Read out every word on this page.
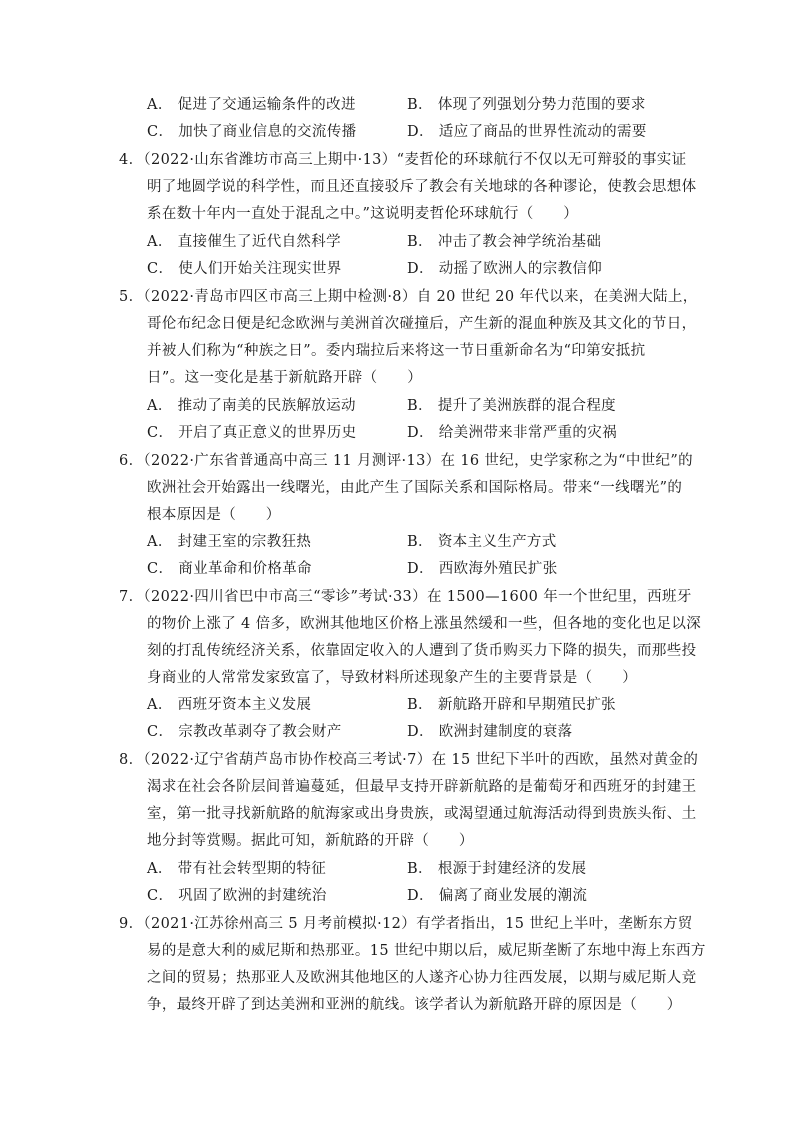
A． 促进了交通运输条件的改进	B． 体现了列强划分势力范围的要求
C． 加快了商业信息的交流传播	D． 适应了商品的世界性流动的需要
4．（2022·山东省潍坊市高三上期中·13）“麦哲伦的环球航行不仅以无可辩驳的事实证
明了地圆学说的科学性，而且还直接驳斥了教会有关地球的各种谬论，使教会思想体
系在数十年内一直处于混乱之中。”这说明麦哲伦环球航行（　　）
A． 直接催生了近代自然科学	B． 冲击了教会神学统治基础
C． 使人们开始关注现实世界	D． 动摇了欧洲人的宗教信仰
5．（2022·青岛市四区市高三上期中检测·8）自 20 世纪 20 年代以来，在美洲大陆上，
哥伦布纪念日便是纪念欧洲与美洲首次碰撞后，产生新的混血种族及其文化的节日，
并被人们称为“种族之日”。委内瑞拉后来将这一节日重新命名为“印第安抵抗
日”。这一变化是基于新航路开辟（　　）
A． 推动了南美的民族解放运动	B． 提升了美洲族群的混合程度
C． 开启了真正意义的世界历史	D． 给美洲带来非常严重的灾祸
6．（2022·广东省普通高中高三 11 月测评·13）在 16 世纪，史学家称之为“中世纪”的
欧洲社会开始露出一线曙光，由此产生了国际关系和国际格局。带来“一线曙光”的
根本原因是（　　）
A． 封建王室的宗教狂热	B． 资本主义生产方式
C． 商业革命和价格革命	D． 西欧海外殖民扩张
7．（2022·四川省巴中市高三“零诊”考试·33）在 1500—1600 年一个世纪里，西班牙
的物价上涨了 4 倍多，欧洲其他地区价格上涨虽然缓和一些，但各地的变化也足以深
刻的打乱传统经济关系，依靠固定收入的人遭到了货币购买力下降的损失，而那些投
身商业的人常常发家致富了，导致材料所述现象产生的主要背景是（　　）
A． 西班牙资本主义发展	B． 新航路开辟和早期殖民扩张
C． 宗教改革剥夺了教会财产	D． 欧洲封建制度的衰落
8．（2022·辽宁省葫芦岛市协作校高三考试·7）在 15 世纪下半叶的西欧，虽然对黄金的
渴求在社会各阶层间普遍蔓延，但最早支持开辟新航路的是葡萄牙和西班牙的封建王
室，第一批寻找新航路的航海家或出身贵族，或渴望通过航海活动得到贵族头衔、土
地分封等赏赐。据此可知，新航路的开辟（　　）
A． 带有社会转型期的特征	B． 根源于封建经济的发展
C． 巩固了欧洲的封建统治	D． 偏离了商业发展的潮流
9．（2021·江苏徐州高三 5 月考前模拟·12）有学者指出，15 世纪上半叶，垄断东方贸
易的是意大利的威尼斯和热那亚。15 世纪中期以后，威尼斯垄断了东地中海上东西方
之间的贸易；热那亚人及欧洲其他地区的人遂齐心协力往西发展，以期与威尼斯人竞
争，最终开辟了到达美洲和亚洲的航线。该学者认为新航路开辟的原因是（　　）
